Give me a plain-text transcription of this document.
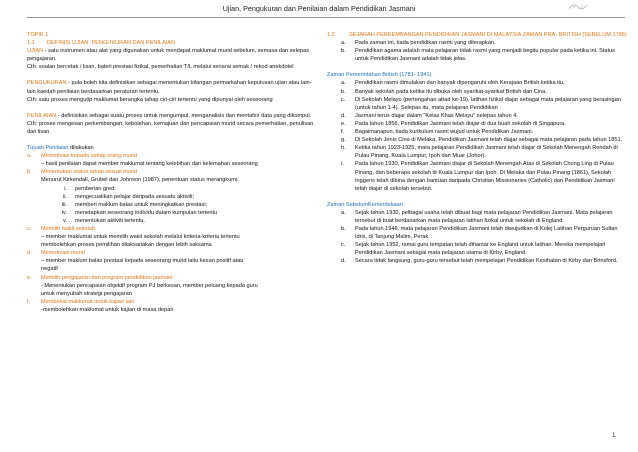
Ujian, Pengukuran dan Penilaian dalam Pendidikan Jasmani
TOPIK 1
1.1	DEFINISI UJIAN, PENGUKURAN DAN PENILAIAN
UJIAN - satu instrumen atau alat yang digunakan untuk mendapat maklumat murid sebelum, semasa dan selepas pengajaran.
Cth: soalan bercetak / lisan, bateri prestasi fizikal, pemerhatian T/L melalui senarai semak / rekod anekdotel
PENGUKURAN - pula boleh kita definisikan sebagai menentukan bilangan permarkahan keputusan ujian atau lain-lain kaedah penilaian berdasarkan peraturan tertentu.
Cth: satu proses mengutip maklumat berangka tahap ciri-ciri tertentu yang dipunyai oleh seseorang
PENILAIAN - definisikan sebagai suatu proses untuk mengumpul, menganalisis dan mentafsir data yang dikumpul.
Cth: proses mengesan perkembangan, kebolehan, kemajuan dan pencapaian murid secara pemerhatian, penulisan dan lisan
Tujuan Penilaian dilakukan
a.	Memotivasi kepada setiap orang murid
– hasil penilaian dapat member maklumat tentang kelebihan dan kelemahan seseorang
b.	Menentukan status tahap sesuai murid
Menurut Kirkendall, Grubel dan Johnson (1987), penentuan status merangkumi:
i. pemberian gred;
ii. mengecualikan pelajar daripada sesuatu aktiviti;
iii. memberi maklum balas untuk meningkatkan prestasi;
iv. menetapkan seseorang individu dalam kumpulan tertentu
v. menentukan aktiviti tertentu.
c.	Memilih wakil sekolah
– member maklumat untuk memilih wakil sekolah melalui kriteria-kriteria tertentu
membolehkan proses pemilihan dilaksanakan dengan lebih saksama
d.	Memotivasi murid
– member maklum balas prestasi kepada seseorang murid iaitu kesan positif atau
negatif
e.	Memilih pengajaran dan program pendidikan jasmani
- Menentukan pencapaian objektif program PJ berkesan, member peluang kepada guru
untuk menyubah strategi pengajaran
f.	Membekal maklumat untuk kajian lain
-membolehkan maklumat untuk kajian di masa depan
1.2	SEJARAH PERKEMBANGAN PENDIDIKAN JASMANI DI MALAYSIA ZAMAN PRA- BRITISH (SEBELUM 1786)
a.	Pada zaman ini, tiada pendidikan rasmi yang diterapkan.
b.	Pendidikan agama adalah mata pelajaran tidak rasmi yang menjadi begitu popular pada ketika ini. Status untuk Pendidikan Jasmani adalah tidak jelas.
Zaman Pemerintahan British (1781- 1941)
a.	Pendidikan rasmi dimulakan dan banyak dipengaruhi oleh Kerajaan British ketika itu.
b.	Banyak sekolah pada ketika itu dibuka oleh syarikat-syarikat British dan Cina.
c.	Di Sekolah Melayu (pertengahan abad ke-19), latihan fizikal diajar sebagai mata pelajaran yang berasingan (untuk tahun 1-4). Selepas itu, mata pelajaran Pendidikan
d.	Jasmani terus diajar dalam "Kelas Khas Melayu" selepas tahun 4.
e.	Pada tahun 1856, Pendidikan Jasmani telah diajar di dua buah sekolah di Singapura.
f.	Bagaimanapun, tiada kurikulum rasmi wujud untuk Pendidikan Jasmani.
g.	Di Sekolah Jenis Cina di Melaka, Pendidikan Jasmani telah diajar sebagai mata pelajaran pada tahun 1851.
h.	Ketika tahun 1923-1925, mata pelajaran Pendidikan Jasmani telah diajar di Sekolah Menengah Rendah di Pulau Pinang, Kuala Lumpur, Ipoh dan Muar (Johor).
i.	Pada tahun 1930, Pendidikan Jasmani diajar di Sekolah Menengah Atas di Sekolah Chung Ling di Pulau Pinang, dan beberapa sekolah di Kuala Lumpur dan Ipoh. Di Melaka dan Pulau Pinang (1861), Sekolah Inggeris telah dibina dengan bantuan daripada Christian Missionaries (Catholic) dan Pendidikan Jasmani telah diajar di sekolah tersebut.
Zaman SebelumKemerdekaan
a.	Sejak tahun 1930, pelbagai usaha telah dibuat bagi mata pelajaran Pendidikan Jasmani. Mata pelajaran tersebut di buat berdasarkan mata pelajaran latihan fizikal untuk sekolah di England.
b.	Pada tahun 1946, mata pelajaran Pendidikan Jasmani telah diwujudkan di Kolej Latihan Perguruan Sultan Idris, di Tanjung Malim, Perak.
c.	Sejak tahun 1952, ramai guru tempatan telah dihantar ke England untuk latihan. Mereka mempelajari Pendidikan Jasmani sebagai mata pelajaran utama di Kirby, England.
d.	Secara tidak langsung, guru-guru tersebut telah mempelajari Pendidikan Kesihatan di Kirby dan Brinsford.
1
